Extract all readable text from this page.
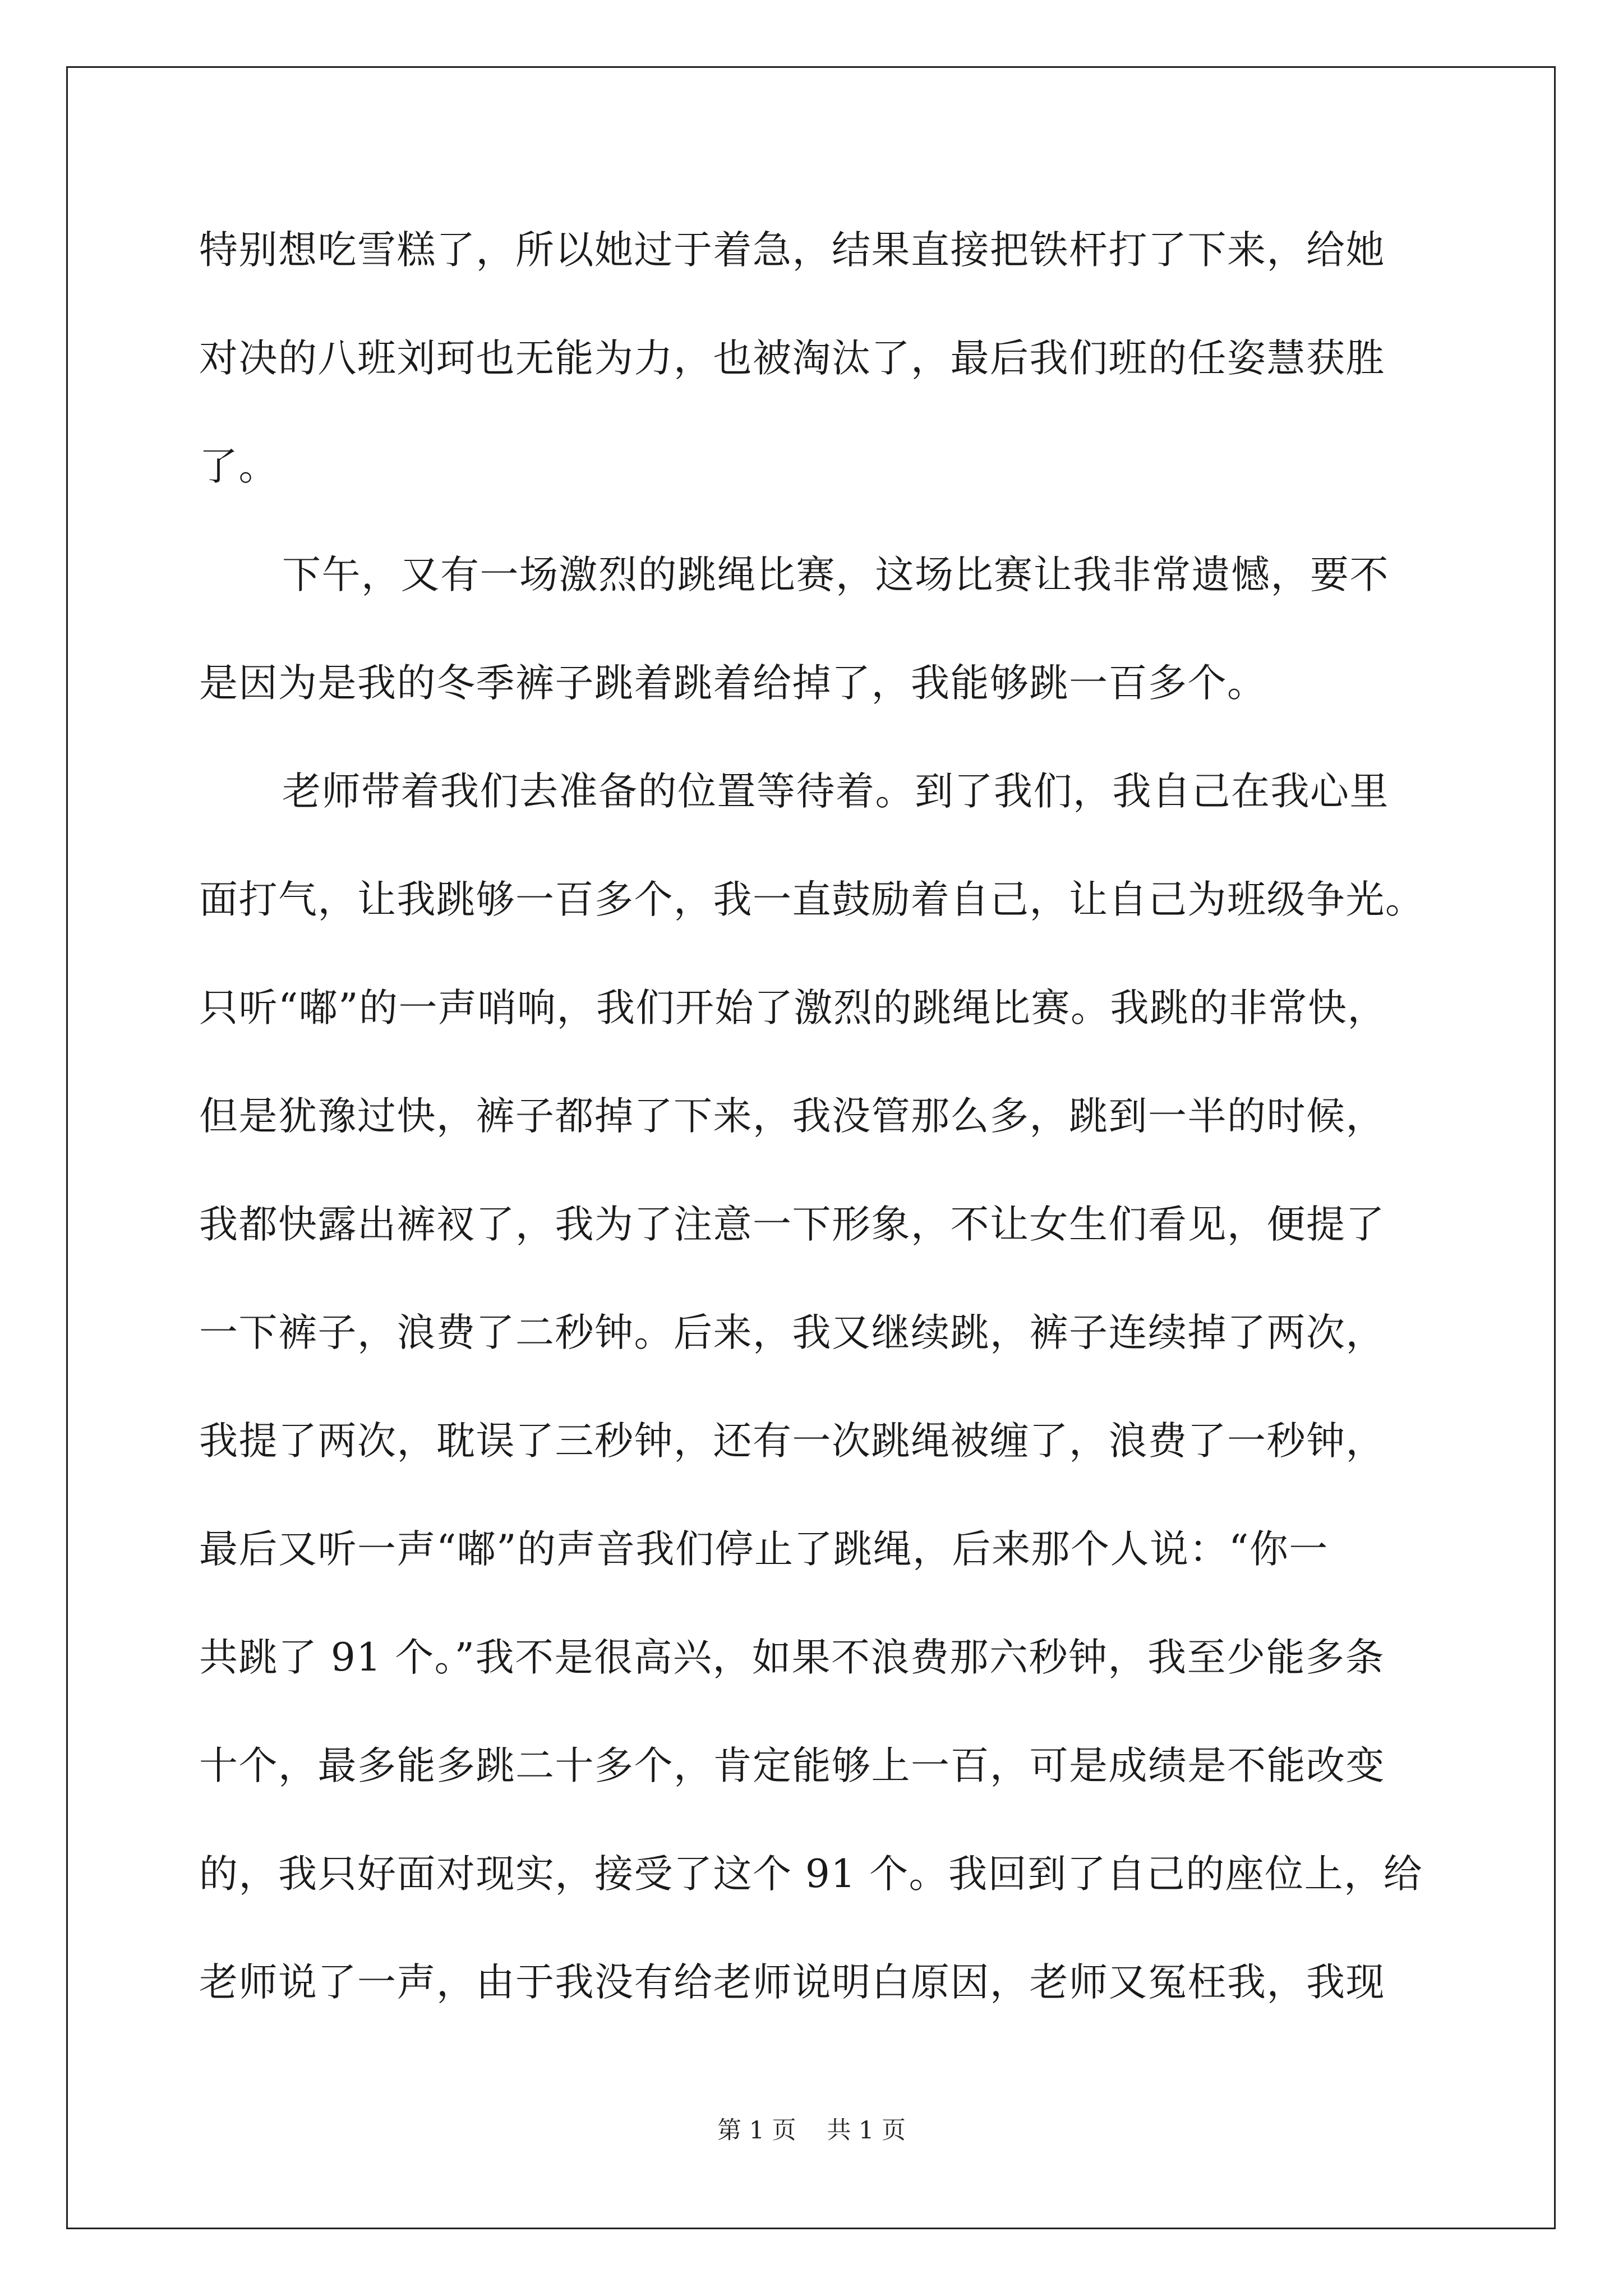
特别想吃雪糕了，所以她过于着急，结果直接把铁杆打了下来，给她
对决的八班刘珂也无能为力，也被淘汰了，最后我们班的任姿慧获胜
了。
下午，又有一场激烈的跳绳比赛，这场比赛让我非常遗憾，要不
是因为是我的冬季裤子跳着跳着给掉了，我能够跳一百多个。
老师带着我们去准备的位置等待着。到了我们，我自己在我心里
面打气，让我跳够一百多个，我一直鼓励着自己，让自己为班级争光。
只听“嘟”的一声哨响，我们开始了激烈的跳绳比赛。我跳的非常快，
但是犹豫过快，裤子都掉了下来，我没管那么多，跳到一半的时候，
我都快露出裤衩了，我为了注意一下形象，不让女生们看见，便提了
一下裤子，浪费了二秒钟。后来，我又继续跳，裤子连续掉了两次，
我提了两次，耽误了三秒钟，还有一次跳绳被缠了，浪费了一秒钟，
最后又听一声“嘟”的声音我们停止了跳绳，后来那个人说：“你一
共跳了 91 个。”我不是很高兴，如果不浪费那六秒钟，我至少能多条
十个，最多能多跳二十多个，肯定能够上一百，可是成绩是不能改变
的，我只好面对现实，接受了这个 91 个。我回到了自己的座位上，给
老师说了一声，由于我没有给老师说明白原因，老师又冤枉我，我现
第 1 页    共 1 页
